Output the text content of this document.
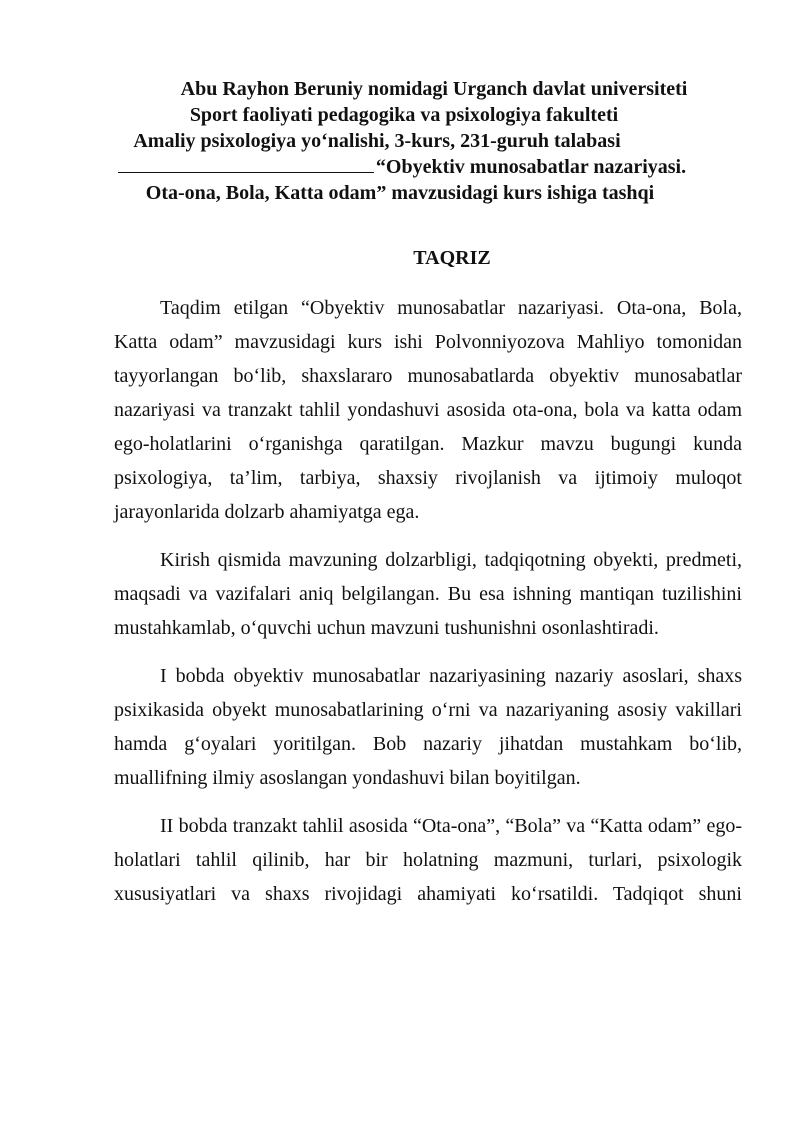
Abu Rayhon Beruniy nomidagi Urganch davlat universiteti
Sport faoliyati pedagogika va psixologiya fakulteti
Amaliy psixologiya yo‘nalishi, 3-kurs, 231-guruh talabasi
“Obyektiv munosabatlar nazariyasi.
Ota-ona, Bola, Katta odam” mavzusidagi kurs ishiga tashqi
TAQRIZ

Taqdim etilgan “Obyektiv munosabatlar nazariyasi. Ota-ona, Bola, Katta odam” mavzusidagi kurs ishi Polvonniyozova Mahliyo tomonidan tayyorlangan bo‘lib, shaxslararo munosabatlarda obyektiv munosabatlar nazariyasi va tranzakt tahlil yondashuvi asosida ota-ona, bola va katta odam ego-holatlarini o‘rganishga qaratilgan. Mazkur mavzu bugungi kunda psixologiya, ta’lim, tarbiya, shaxsiy rivojlanish va ijtimoiy muloqot jarayonlarida dolzarb ahamiyatga ega.

Kirish qismida mavzuning dolzarbligi, tadqiqotning obyekti, predmeti, maqsadi va vazifalari aniq belgilangan. Bu esa ishning mantiqan tuzilishini mustahkamlab, o‘quvchi uchun mavzuni tushunishni osonlashtiradi.

I bobda obyektiv munosabatlar nazariyasining nazariy asoslari, shaxs psixikasida obyekt munosabatlarining o‘rni va nazariyaning asosiy vakillari hamda g‘oyalari yoritilgan. Bob nazariy jihatdan mustahkam bo‘lib, muallifning ilmiy asoslangan yondashuvi bilan boyitilgan.

II bobda tranzakt tahlil asosida “Ota-ona”, “Bola” va “Katta odam” ego-holatlari tahlil qilinib, har bir holatning mazmuni, turlari, psixologik xususiyatlari va shaxs rivojidagi ahamiyati ko‘rsatildi. Tadqiqot shuni
